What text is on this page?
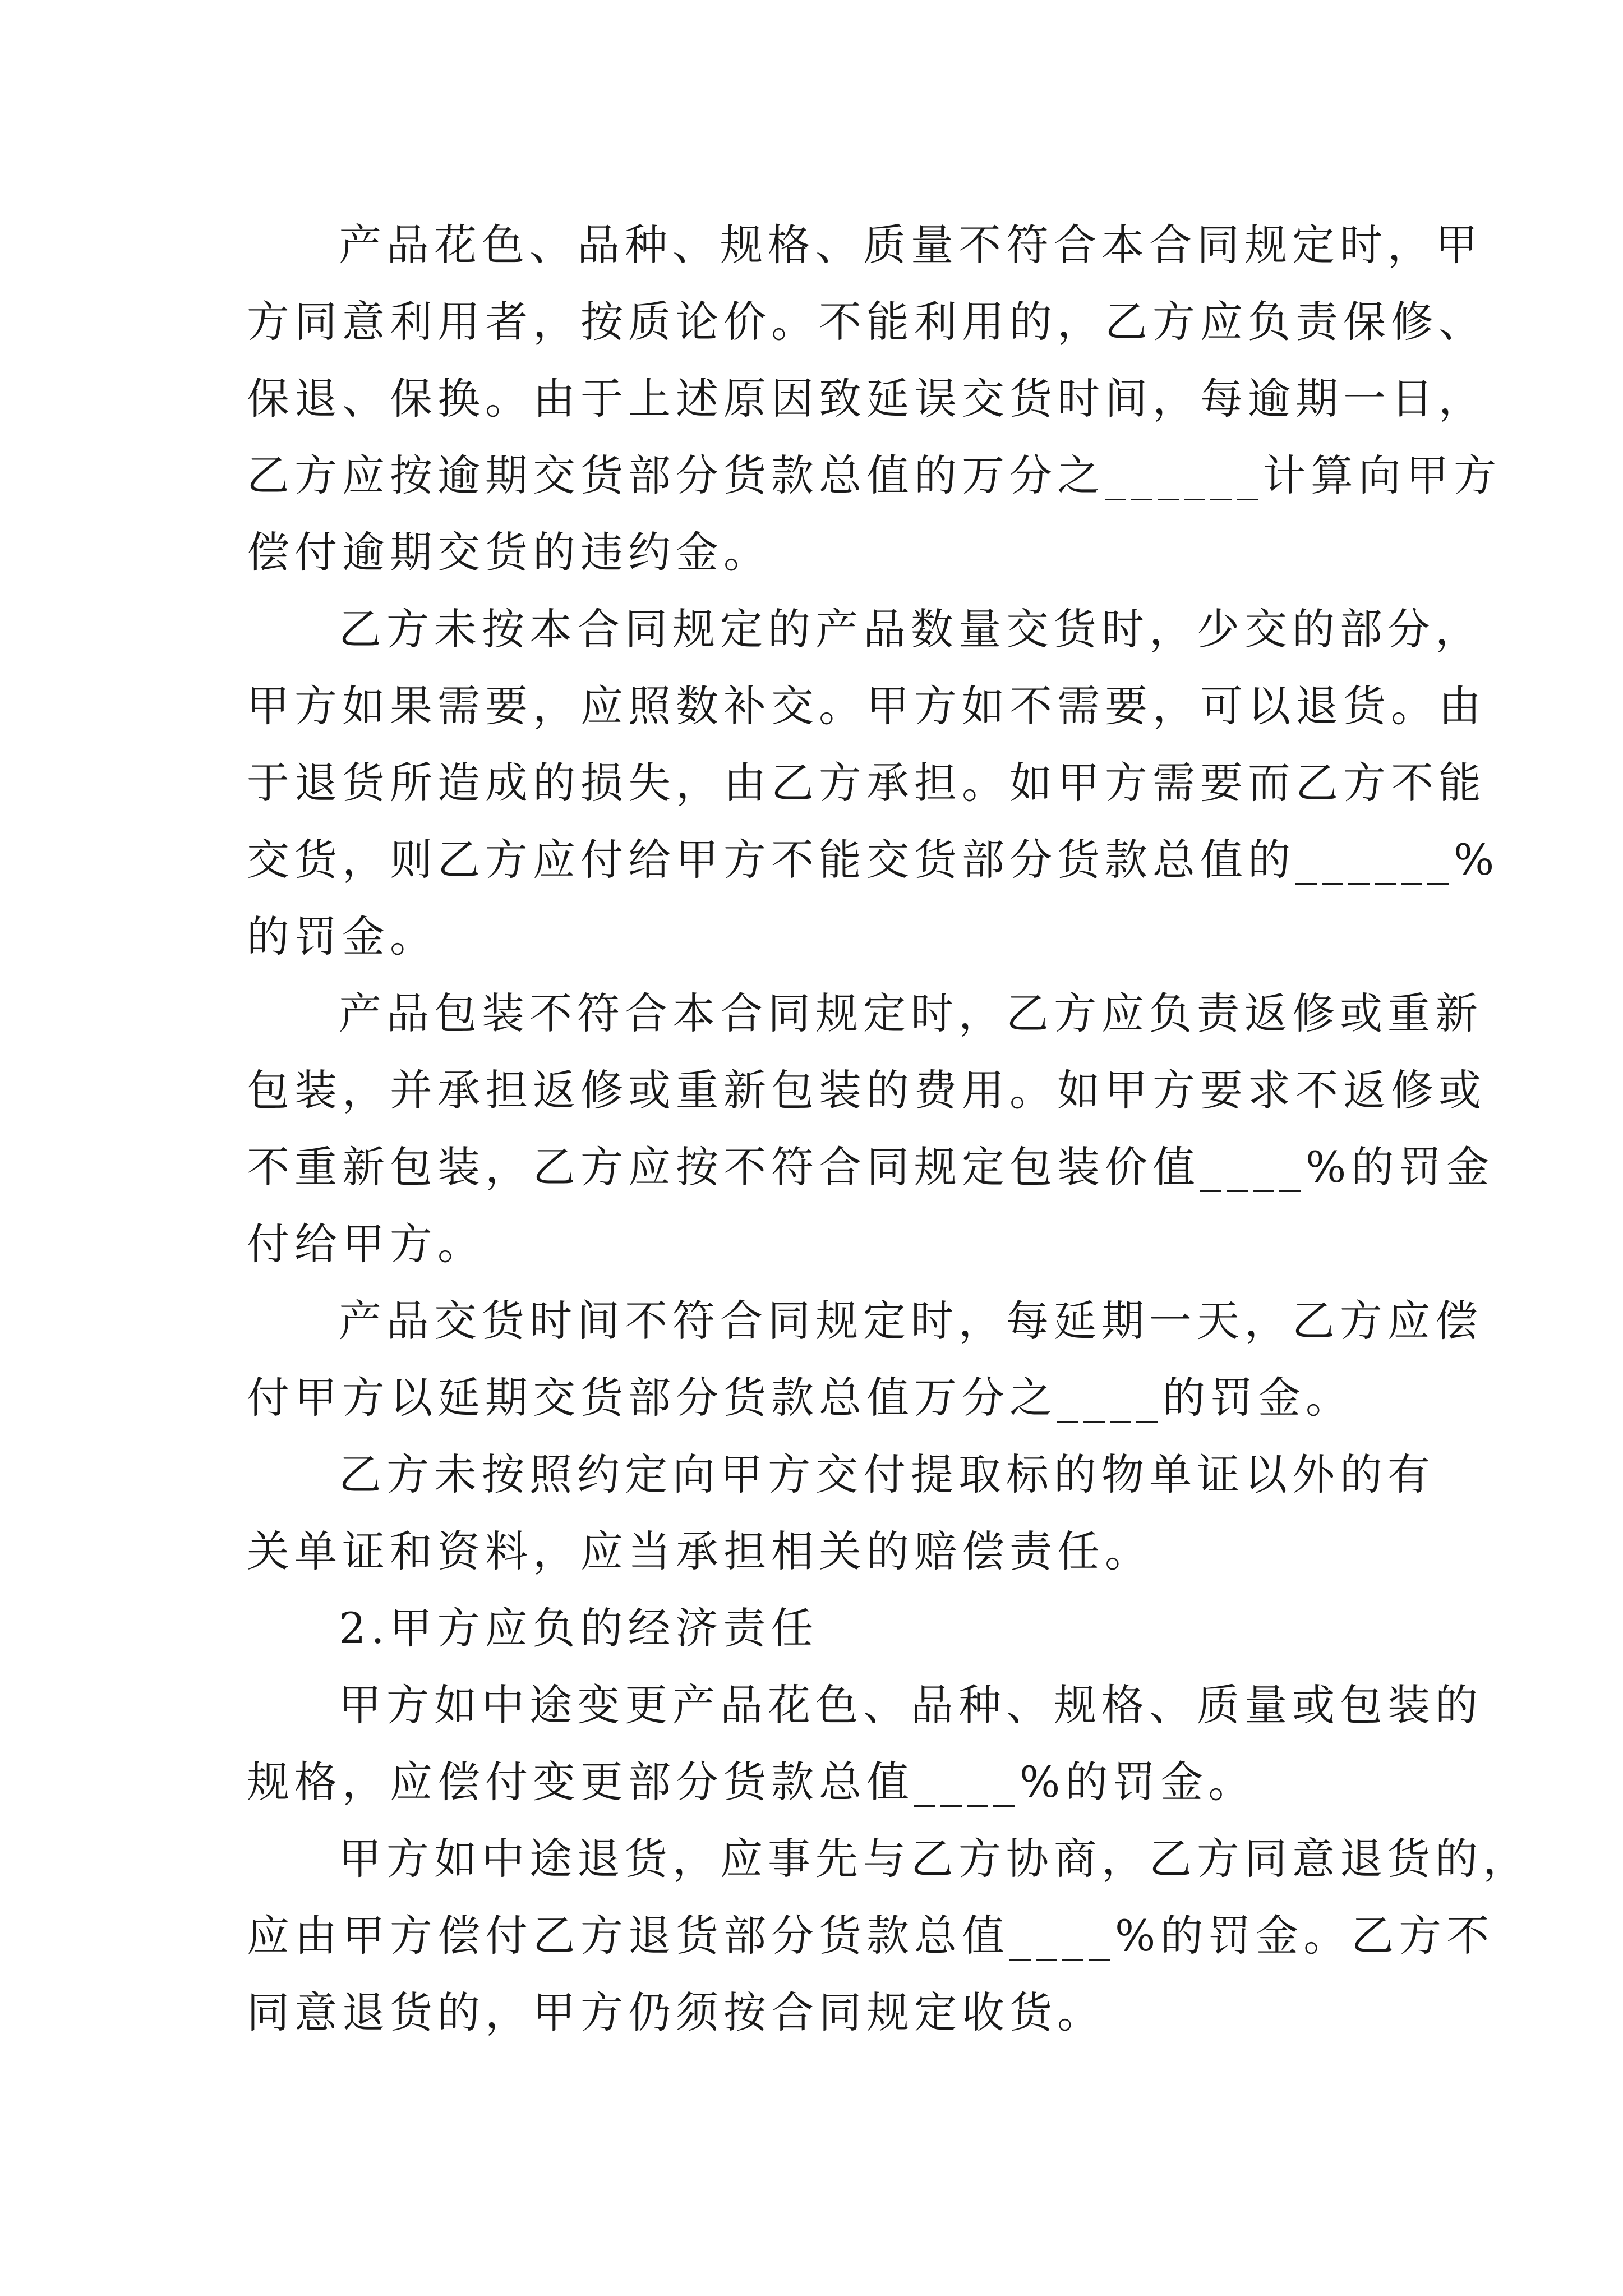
产品花色、品种、规格、质量不符合本合同规定时，甲
方同意利用者，按质论价。不能利用的，乙方应负责保修、
保退、保换。由于上述原因致延误交货时间，每逾期一日，
乙方应按逾期交货部分货款总值的万分之______计算向甲方
偿付逾期交货的违约金。
乙方未按本合同规定的产品数量交货时，少交的部分，
甲方如果需要，应照数补交。甲方如不需要，可以退货。由
于退货所造成的损失，由乙方承担。如甲方需要而乙方不能
交货，则乙方应付给甲方不能交货部分货款总值的______%
的罚金。
产品包装不符合本合同规定时，乙方应负责返修或重新
包装，并承担返修或重新包装的费用。如甲方要求不返修或
不重新包装，乙方应按不符合同规定包装价值____%的罚金
付给甲方。
产品交货时间不符合同规定时，每延期一天，乙方应偿
付甲方以延期交货部分货款总值万分之____的罚金。
乙方未按照约定向甲方交付提取标的物单证以外的有
关单证和资料，应当承担相关的赔偿责任。
2.甲方应负的经济责任
甲方如中途变更产品花色、品种、规格、质量或包装的
规格，应偿付变更部分货款总值____%的罚金。
甲方如中途退货，应事先与乙方协商，乙方同意退货的，
应由甲方偿付乙方退货部分货款总值____%的罚金。乙方不
同意退货的，甲方仍须按合同规定收货。
